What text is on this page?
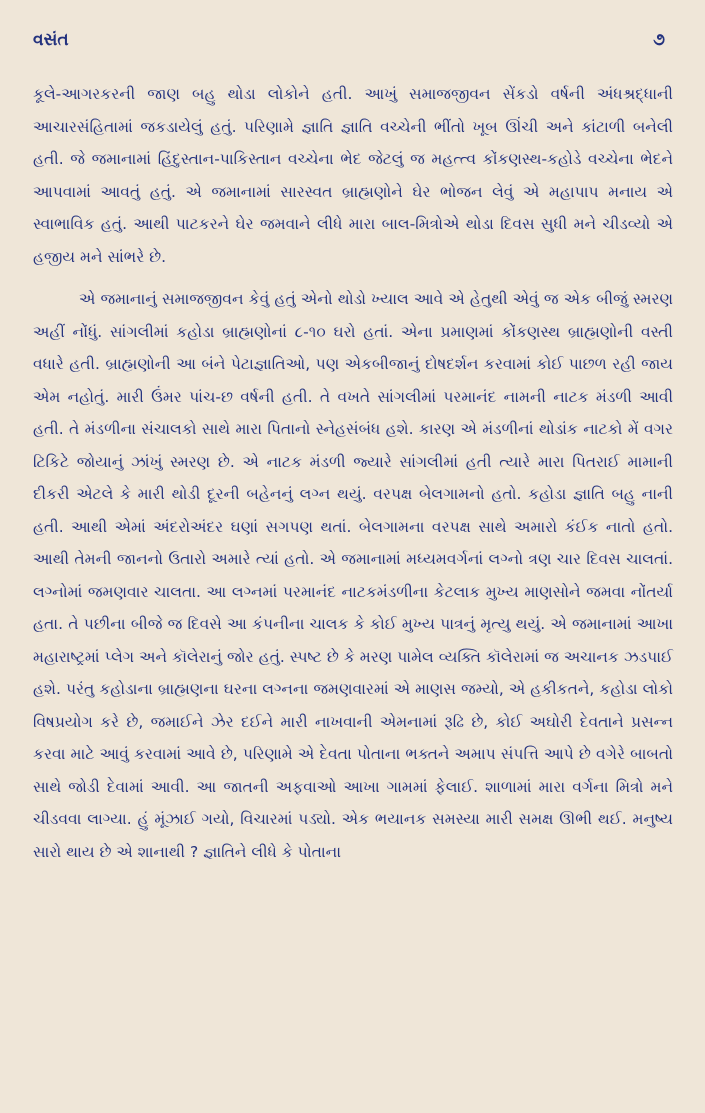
વસંત	૭

કૂલે-આગરકરની જાણ બહુ થોડા લોકોને હતી. આખું સમાજજીવન સેંકડો વર્ષની અંધશ્રદ્ધાની આચારસંહિતામાં જકડાયેલું હતું. પરિણામે જ્ઞાતિ જ્ઞાતિ વચ્ચેની ભીંતો ખૂબ ઊંચી અને કાંટાળી બનેલી હતી. જે જમાનામાં હિંદુસ્તાન-પાકિસ્તાન વચ્ચેના ભેદ જેટલું જ મહત્ત્વ કોંકણસ્થ-કહોડે વચ્ચેના ભેદને આપવામાં આવતું હતું. એ જમાનામાં સારસ્વત બ્રાહ્મણોને ઘેર ભોજન લેવું એ મહાપાપ મનાય એ સ્વાભાવિક હતું. આથી પાટકરને ઘેર જમવાને લીધે મારા બાલ-મિત્રોએ થોડા દિવસ સુધી મને ચીડવ્યો એ હજીય મને સાંભરે છે.

એ જમાનાનું સમાજજીવન કેવું હતું એનો થોડો ખ્યાલ આવે એ હેતુથી એવું જ એક બીજું સ્મરણ અહીં નોંધું. સાંગલીમાં કહોડા બ્રાહ્મણોનાં ૮-૧૦ ઘરો હતાં. એના પ્રમાણમાં કોંકણસ્થ બ્રાહ્મણોની વસ્તી વધારે હતી. બ્રાહ્મણોની આ બંને પેટાજ્ઞાતિઓ, પણ એકબીજાનું દોષદર્શન કરવામાં કોઈ પાછળ રહી જાય એમ નહોતું. મારી ઉંમર પાંચ-છ વર્ષની હતી. તે વખતે સાંગલીમાં પરમાનંદ નામની નાટક મંડળી આવી હતી. તે મંડળીના સંચાલકો સાથે મારા પિતાનો સ્નેહસંબંધ હશે. કારણ એ મંડળીનાં થોડાંક નાટકો મેં વગર ટિકિટે જોયાનું ઝાંખું સ્મરણ છે. એ નાટક મંડળી જ્યારે સાંગલીમાં હતી ત્યારે મારા પિતરાઈ મામાની દીકરી એટલે કે મારી થોડી દૂરની બહેનનું લગ્ન થયું. વરપક્ષ બેલગામનો હતો. કહોડા જ્ઞાતિ બહુ નાની હતી. આથી એમાં અંદરોઅંદર ઘણાં સગપણ થતાં. બેલગામના વરપક્ષ સાથે અમારો કંઈક નાતો હતો. આથી તેમની જાનનો ઉતારો અમારે ત્યાં હતો. એ જમાનામાં મધ્યમવર્ગનાં લગ્નો ત્રણ ચાર દિવસ ચાલતાં. લગ્નોમાં જમણવાર ચાલતા. આ લગ્નમાં પરમાનંદ નાટકમંડળીના કેટલાક મુખ્ય માણસોને જમવા નોંતર્યા હતા. તે પછીના બીજે જ દિવસે આ કંપનીના ચાલક કે કોઈ મુખ્ય પાત્રનું મૃત્યુ થયું. એ જમાનામાં આખા મહારાષ્ટ્રમાં પ્લેગ અને કૉલેરાનું જોર હતું. સ્પષ્ટ છે કે મરણ પામેલ વ્યક્તિ કૉલેરામાં જ અચાનક ઝડપાઈ હશે. પરંતુ કહોડાના બ્રાહ્મણના ઘરના લગ્નના જમણવારમાં એ માણસ જમ્યો, એ હકીકતને, કહોડા લોકો વિષપ્રયોગ કરે છે, જમાઈને ઝેર દઈને મારી નાખવાની એમનામાં રૂઢિ છે, કોઈ અઘોરી દેવતાને પ્રસન્ન કરવા માટે આવું કરવામાં આવે છે, પરિણામે એ દેવતા પોતાના ભક્તને અમાપ સંપત્તિ આપે છે વગેરે બાબતો સાથે જોડી દેવામાં આવી. આ જાતની અફવાઓ આખા ગામમાં ફેલાઈ. શાળામાં મારા વર્ગના મિત્રો મને ચીડવવા લાગ્યા. હું મૂંઝાઈ ગયો, વિચારમાં પડ્યો. એક ભયાનક સમસ્યા મારી સમક્ષ ઊભી થઈ. મનુષ્ય સારો થાય છે એ શાનાથી ? જ્ઞાતિને લીધે કે પોતાના
